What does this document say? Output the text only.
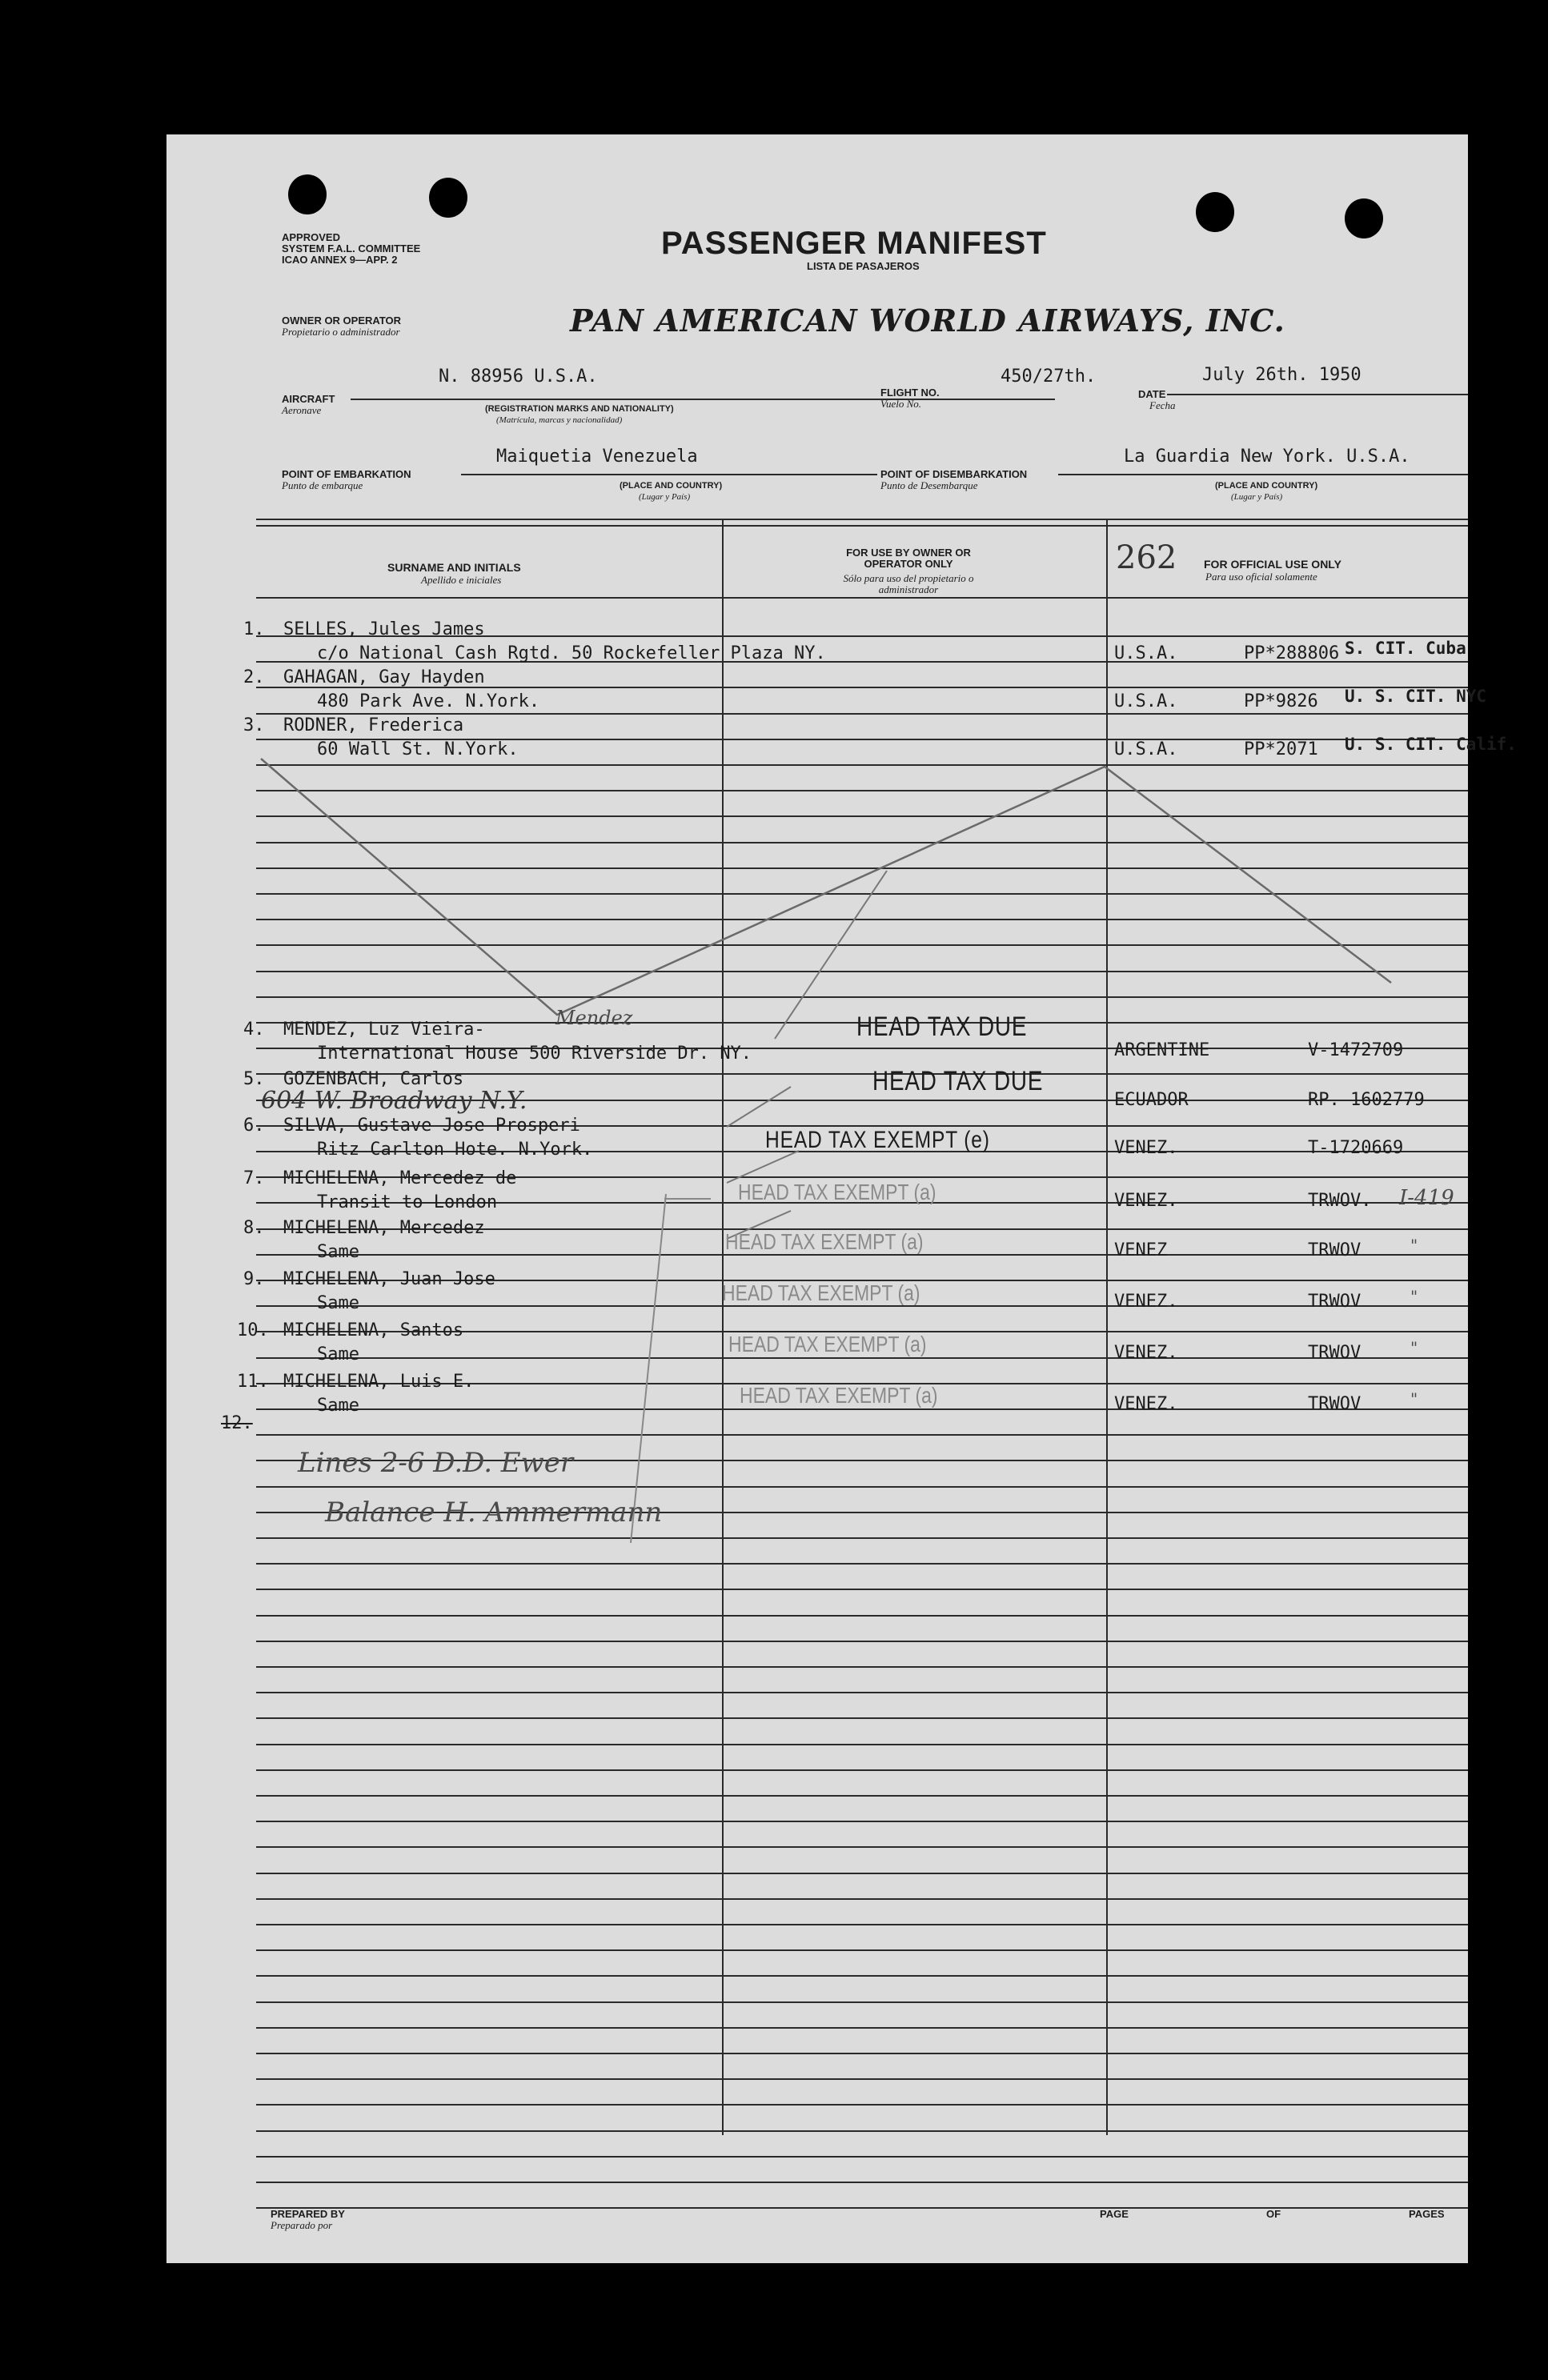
APPROVED
SYSTEM F.A.L. COMMITTEE
ICAO ANNEX 9—APP. 2	PASSENGER MANIFEST
LISTA DE PASAJEROS
OWNER OR OPERATOR
Propietario o administrador	PAN AMERICAN WORLD AIRWAYS, INC.
AIRCRAFT
Aeronave
N. 88956 U.S.A.
(REGISTRATION MARKS AND NATIONALITY)
(Matrícula, marcas y nacionalidad)
FLIGHT NO.
Vuelo No.
450/27th.
DATE
Fecha
July 26th. 1950
POINT OF EMBARKATION
Punto de embarque
Maiquetia Venezuela
(PLACE AND COUNTRY)
(Lugar y País)
POINT OF DISEMBARKATION
Punto de Desembarque
La Guardia New York. U.S.A.
(PLACE AND COUNTRY)
(Lugar y País)
SURNAME AND INITIALS
Apellido e iniciales
FOR USE BY OWNER OR OPERATOR ONLY
Sólo para uso del propietario o administrador
262 FOR OFFICIAL USE ONLY
Para uso oficial solamente
1. SELLES, Jules James
c/o National Cash Rgtd. 50 Rockefeller Plaza NY.	U.S.A.	PP*288806 S. CIT. Cuba
2. GAHAGAN, Gay Hayden
480 Park Ave. N.York.	U.S.A.	PP*9826 U. S. CIT. NYC
3. RODNER, Frederica
60 Wall St. N.York.	U.S.A.	PP*2071 U. S. CIT. Calif.
4. MENDEZ, Luz Vieira-
Mendez
International House 500 Riverside Dr. NY.
HEAD TAX DUE
ARGENTINE	V-1472709
5. GOZENBACH, Carlos
604 W. Broadway N.Y.
HEAD TAX DUE
ECUADOR	RP. 1602779
6. SILVA, Gustave Jose Prosperi
Ritz Carlton Hote. N.York.	HEAD TAX EXEMPT (e)	VENEZ.	T-1720669
7. MICHELENA, Mercedez de
Transit to London	HEAD TAX EXEMPT (a)	VENEZ.	TRWOV. I-419
8. MICHELENA, Mercedez
Same	HEAD TAX EXEMPT (a)	VENEZ	TRWOV	"
9. MICHELENA, Juan Jose
Same	HEAD TAX EXEMPT (a)	VENEZ.	TRWOV	"
10. MICHELENA, Santos
Same	HEAD TAX EXEMPT (a)	VENEZ.	TRWOV	"
11. MICHELENA, Luis E.
Same	HEAD TAX EXEMPT (a)	VENEZ.	TRWOV	"
12.
Lines 2-6 D.D. Ewer
Balance H. Ammermann
PREPARED BY
Preparado por
PAGE	OF	PAGES
